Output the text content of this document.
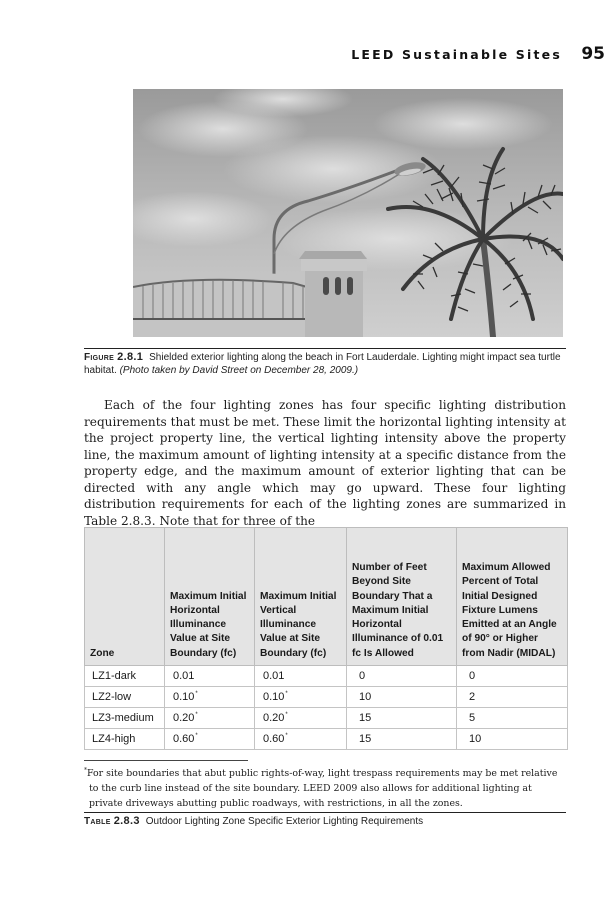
LEED Sustainable Sites 95
Figure 2.8.1 Shielded exterior lighting along the beach in Fort Lauderdale. Lighting might impact sea turtle habitat. (Photo taken by David Street on December 28, 2009.)

Each of the four lighting zones has four specific lighting distribution requirements that must be met. These limit the horizontal lighting intensity at the project property line, the vertical lighting intensity above the property line, the maximum amount of lighting intensity at a specific distance from the property edge, and the maximum amount of exterior lighting that can be directed with any angle which may go upward. These four lighting distribution requirements for each of the lighting zones are summarized in Table 2.8.3. Note that for three of the

Zone	Maximum Initial Horizontal Illuminance Value at Site Boundary (fc)	Maximum Initial Vertical Illuminance Value at Site Boundary (fc)	Number of Feet Beyond Site Boundary That a Maximum Initial Horizontal Illuminance of 0.01 fc Is Allowed	Maximum Allowed Percent of Total Initial Designed Fixture Lumens Emitted at an Angle of 90° or Higher from Nadir (MIDAL)
LZ1-dark	0.01	0.01	0	0
LZ2-low	0.10*	0.10*	10	2
LZ3-medium	0.20*	0.20*	15	5
LZ4-high	0.60*	0.60*	15	10
*For site boundaries that abut public rights-of-way, light trespass requirements may be met relative to the curb line instead of the site boundary. LEED 2009 also allows for additional lighting at private driveways abutting public roadways, with restrictions, in all the zones.
Table 2.8.3 Outdoor Lighting Zone Specific Exterior Lighting Requirements
